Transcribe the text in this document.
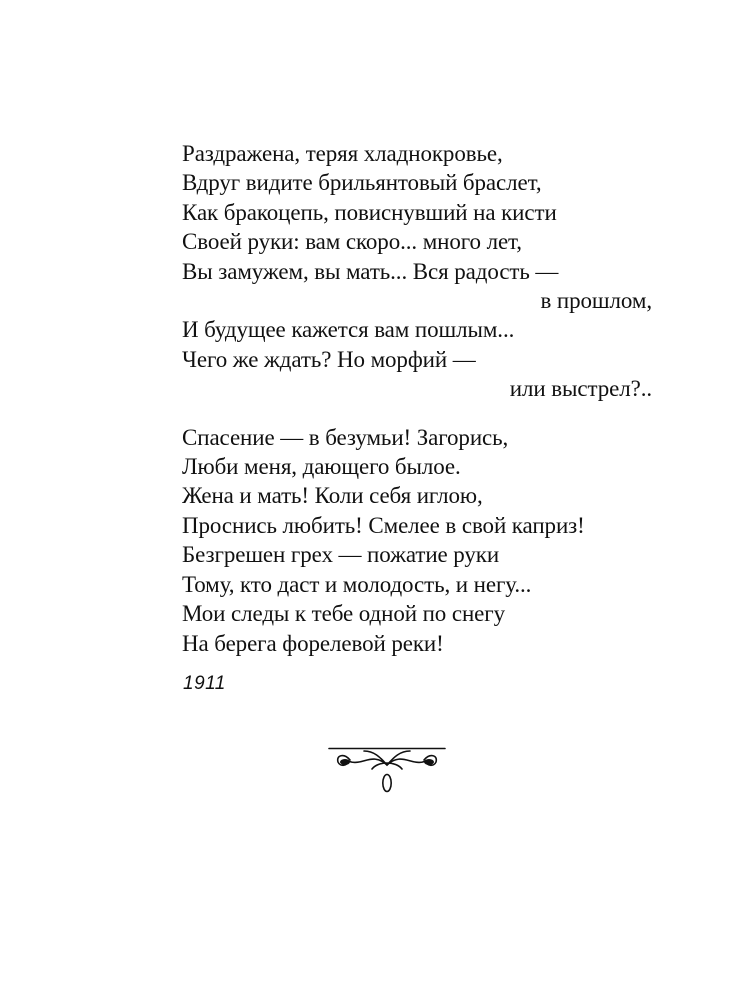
Раздражена, теряя хладнокровье,
Вдруг видите брильянтовый браслет,
Как бракоцепь, повиснувший на кисти
Своей руки: вам скоро... много лет,
Вы замужем, вы мать... Вся радость —
в прошлом,
И будущее кажется вам пошлым...
Чего же ждать? Но морфий —
или выстрел?..
Спасение — в безумьи! Загорись,
Люби меня, дающего былое.
Жена и мать! Коли себя иглою,
Проснись любить! Смелее в свой каприз!
Безгрешен грех — пожатие руки
Тому, кто даст и молодость, и негу...
Мои следы к тебе одной по снегу
На берега форелевой реки!
1911
